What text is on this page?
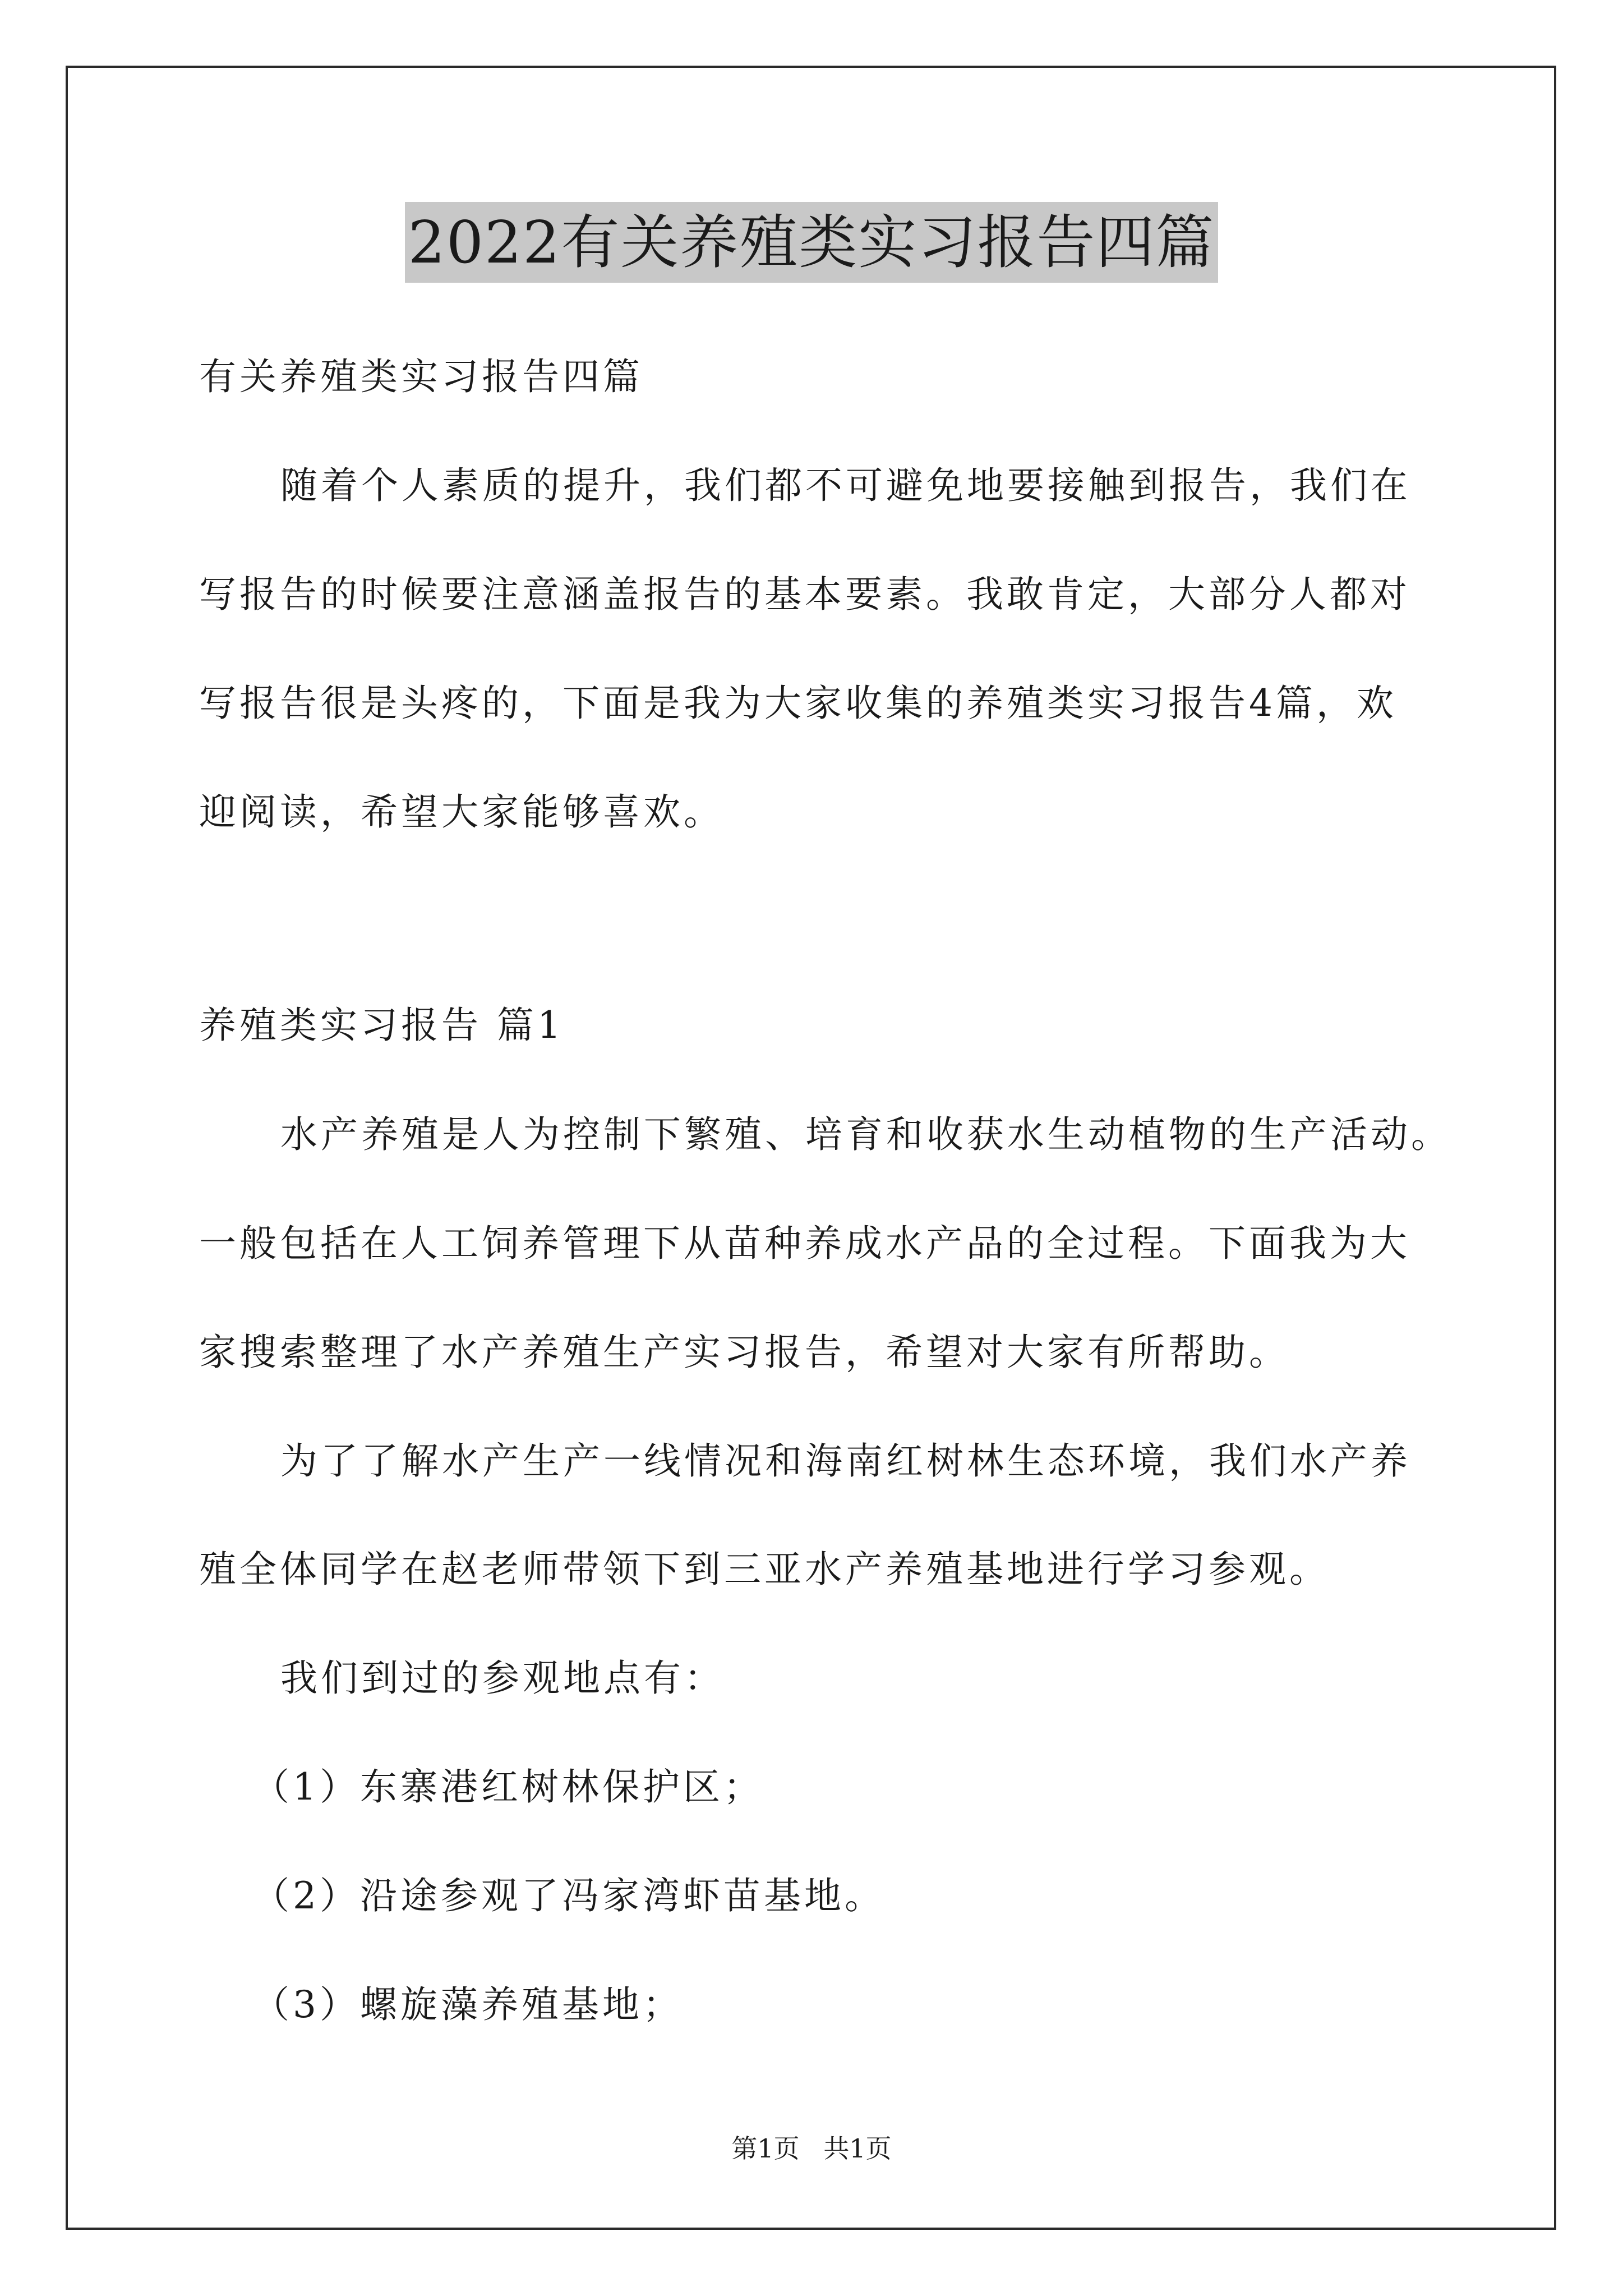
2022有关养殖类实习报告四篇
有关养殖类实习报告四篇
随着个人素质的提升，我们都不可避免地要接触到报告，我们在
写报告的时候要注意涵盖报告的基本要素。我敢肯定，大部分人都对
写报告很是头疼的，下面是我为大家收集的养殖类实习报告4篇，欢
迎阅读，希望大家能够喜欢。
养殖类实习报告 篇1
水产养殖是人为控制下繁殖、培育和收获水生动植物的生产活动。
一般包括在人工饲养管理下从苗种养成水产品的全过程。下面我为大
家搜索整理了水产养殖生产实习报告，希望对大家有所帮助。
为了了解水产生产一线情况和海南红树林生态环境，我们水产养
殖全体同学在赵老师带领下到三亚水产养殖基地进行学习参观。
我们到过的参观地点有：
（1）东寨港红树林保护区；
（2）沿途参观了冯家湾虾苗基地。
（3）螺旋藻养殖基地；
第1页 共1页
